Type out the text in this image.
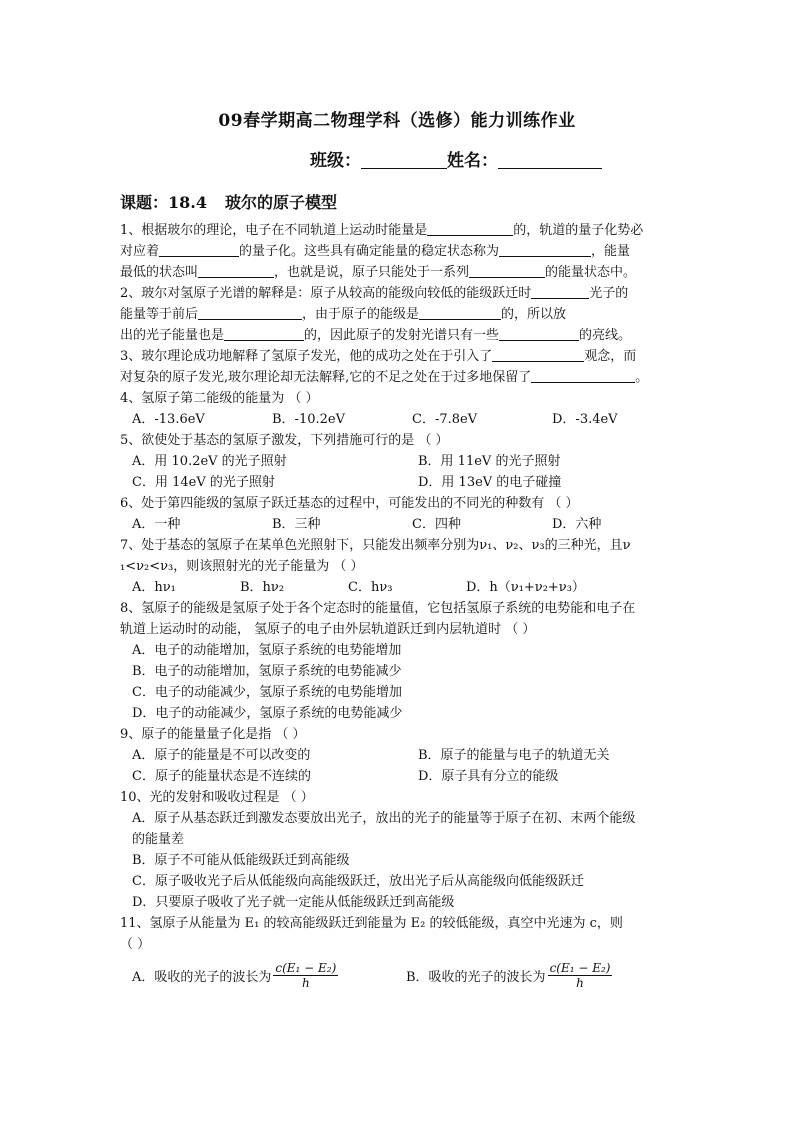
09春学期高二物理学科（选修）能力训练作业
班级：	姓名：
课题：18.4 玻尔的原子模型
1、根据玻尔的理论，电子在不同轨道上运动时能量是	的，轨道的量子化势必
对应着	的量子化。这些具有确定能量的稳定状态称为	，能量
最低的状态叫	，也就是说，原子只能处于一系列	的能量状态中。
2、玻尔对氢原子光谱的解释是：原子从较高的能级向较低的能级跃迁时	光子的
能量等于前后	，由于原子的能级是	的，所以放
出的光子能量也是	的，因此原子的发射光谱只有一些	的亮线。
3、玻尔理论成功地解释了氢原子发光，他的成功之处在于引入了	观念，而
对复杂的原子发光,玻尔理论却无法解释,它的不足之处在于过多地保留了	。
4、氢原子第二能级的能量为 （ ）
A．-13.6eV	B．-10.2eV	C．-7.8eV	D．-3.4eV
5、欲使处于基态的氢原子激发，下列措施可行的是 （ ）
A．用 10.2eV 的光子照射	B．用 11eV 的光子照射
C．用 14eV 的光子照射	D．用 13eV 的电子碰撞
6、处于第四能级的氢原子跃迁基态的过程中，可能发出的不同光的种数有 （ ）
A．一种	B．三种	C．四种	D．六种
7、处于基态的氢原子在某单色光照射下，只能发出频率分别为ν₁、ν₂、ν₃的三种光，且ν
₁<ν₂<ν₃，则该照射光的光子能量为 （ ）
A．hν₁	B．hν₂	C．hν₃	D．h（ν₁+ν₂+ν₃）
8、氢原子的能级是氢原子处于各个定态时的能量值，它包括氢原子系统的电势能和电子在
轨道上运动时的动能， 氢原子的电子由外层轨道跃迁到内层轨道时 （ ）
A．电子的动能增加，氢原子系统的电势能增加
B．电子的动能增加，氢原子系统的电势能减少
C．电子的动能减少，氢原子系统的电势能增加
D．电子的动能减少，氢原子系统的电势能减少
9、原子的能量量子化是指 （ ）
A．原子的能量是不可以改变的	B．原子的能量与电子的轨道无关
C．原子的能量状态是不连续的	D．原子具有分立的能级
10、光的发射和吸收过程是 （ ）
A．原子从基态跃迁到激发态要放出光子，放出的光子的能量等于原子在初、末两个能级
的能量差
B．原子不可能从低能级跃迁到高能级
C．原子吸收光子后从低能级向高能级跃迁，放出光子后从高能级向低能级跃迁
D．只要原子吸收了光子就一定能从低能级跃迁到高能级
11、氢原子从能量为 E₁ 的较高能级跃迁到能量为 E₂ 的较低能级，真空中光速为 c，则
（ ）
A．吸收的光子的波长为 $\frac{\text{c(E₁ − E₂)}}{h}$	B．吸收的光子的波长为 $\frac{\text{c(E₁ − E₂)}}{h}$
